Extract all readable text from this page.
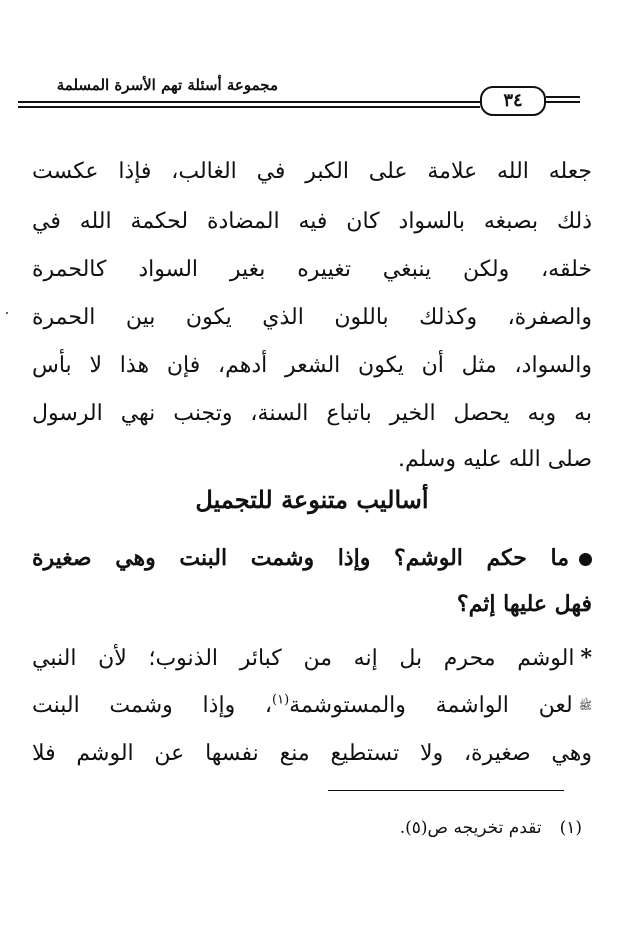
مجموعة أسئلة تهم الأسرة المسلمة
٣٤
جعله الله علامة على الكبر في الغالب، فإذا عكست
ذلك بصبغه بالسواد كان فيه المضادة لحكمة الله في
خلقه، ولكن ينبغي تغييره بغير السواد كالحمرة
والصفرة، وكذلك باللون الذي يكون بين الحمرة
والسواد، مثل أن يكون الشعر أدهم، فإن هذا لا بأس
به وبه يحصل الخير باتباع السنة، وتجنب نهي الرسول
صلى الله عليه وسلم.
أساليب متنوعة للتجميل
ما حكم الوشم؟ وإذا وشمت البنت وهي صغيرة
فهل عليها إثم؟
*الوشم محرم بل إنه من كبائر الذنوب؛ لأن النبي
ﷺلعن الواشمة والمستوشمة$^{(١)}$، وإذا وشمت البنت
وهي صغيرة، ولا تستطيع منع نفسها عن الوشم فلا
(١)تقدم تخريجه ص(٥).
